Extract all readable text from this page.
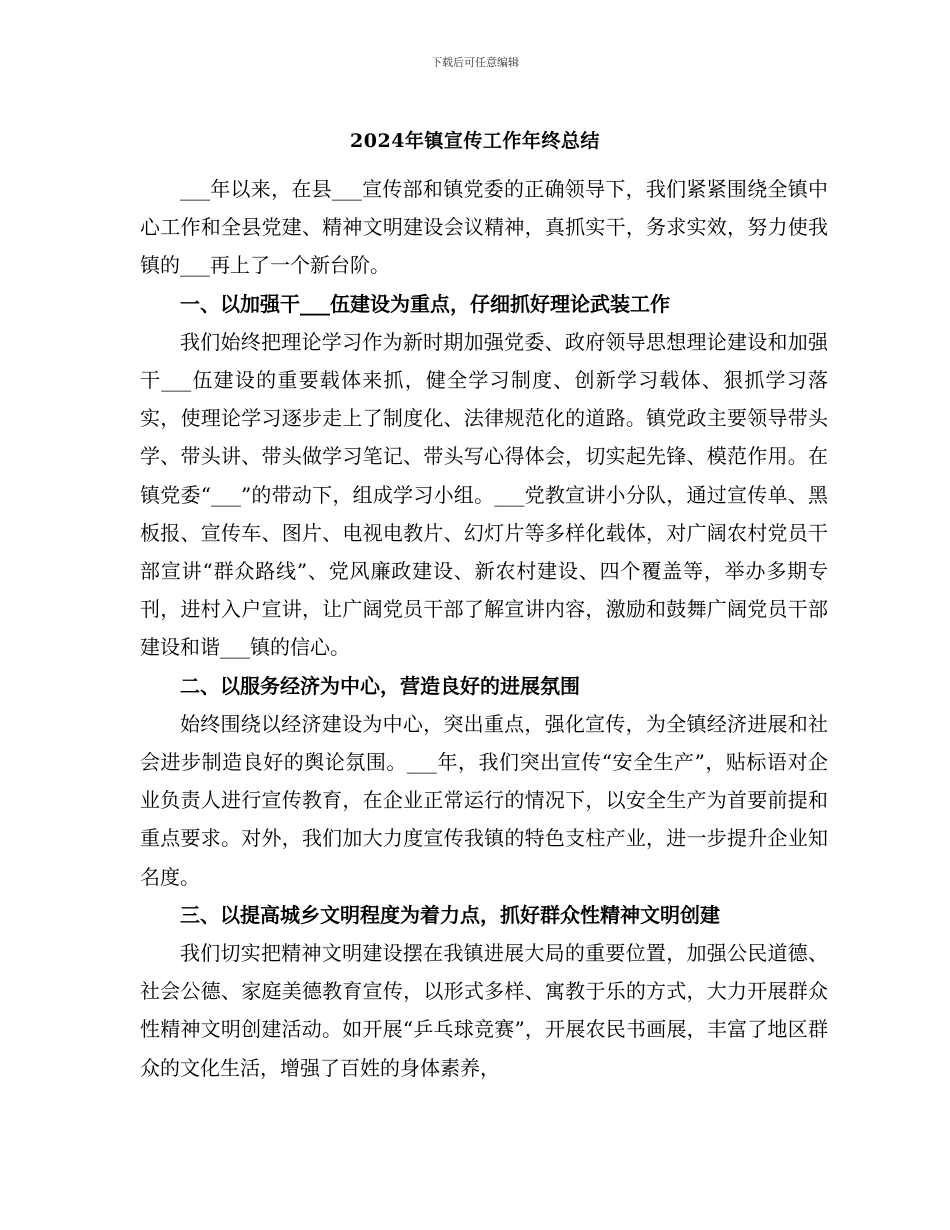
下载后可任意编辑
2024年镇宣传工作年终总结

___年以来，在县___宣传部和镇党委的正确领导下，我们紧紧围绕全镇中心工作和全县党建、精神文明建设会议精神，真抓实干，务求实效，努力使我镇的___再上了一个新台阶。

一、以加强干___伍建设为重点，仔细抓好理论武装工作

我们始终把理论学习作为新时期加强党委、政府领导思想理论建设和加强干___伍建设的重要载体来抓，健全学习制度、创新学习载体、狠抓学习落实，使理论学习逐步走上了制度化、法律规范化的道路。镇党政主要领导带头学、带头讲、带头做学习笔记、带头写心得体会，切实起先锋、模范作用。在镇党委“___”的带动下，组成学习小组。___党教宣讲小分队，通过宣传单、黑板报、宣传车、图片、电视电教片、幻灯片等多样化载体，对广阔农村党员干部宣讲“群众路线”、党风廉政建设、新农村建设、四个覆盖等，举办多期专刊，进村入户宣讲，让广阔党员干部了解宣讲内容，激励和鼓舞广阔党员干部建设和谐___镇的信心。

二、以服务经济为中心，营造良好的进展氛围

始终围绕以经济建设为中心，突出重点，强化宣传，为全镇经济进展和社会进步制造良好的舆论氛围。___年，我们突出宣传“安全生产”，贴标语对企业负责人进行宣传教育，在企业正常运行的情况下，以安全生产为首要前提和重点要求。对外，我们加大力度宣传我镇的特色支柱产业，进一步提升企业知名度。

三、以提高城乡文明程度为着力点，抓好群众性精神文明创建

我们切实把精神文明建设摆在我镇进展大局的重要位置，加强公民道德、社会公德、家庭美德教育宣传，以形式多样、寓教于乐的方式，大力开展群众性精神文明创建活动。如开展“乒乓球竞赛”，开展农民书画展，丰富了地区群众的文化生活，增强了百姓的身体素养，
